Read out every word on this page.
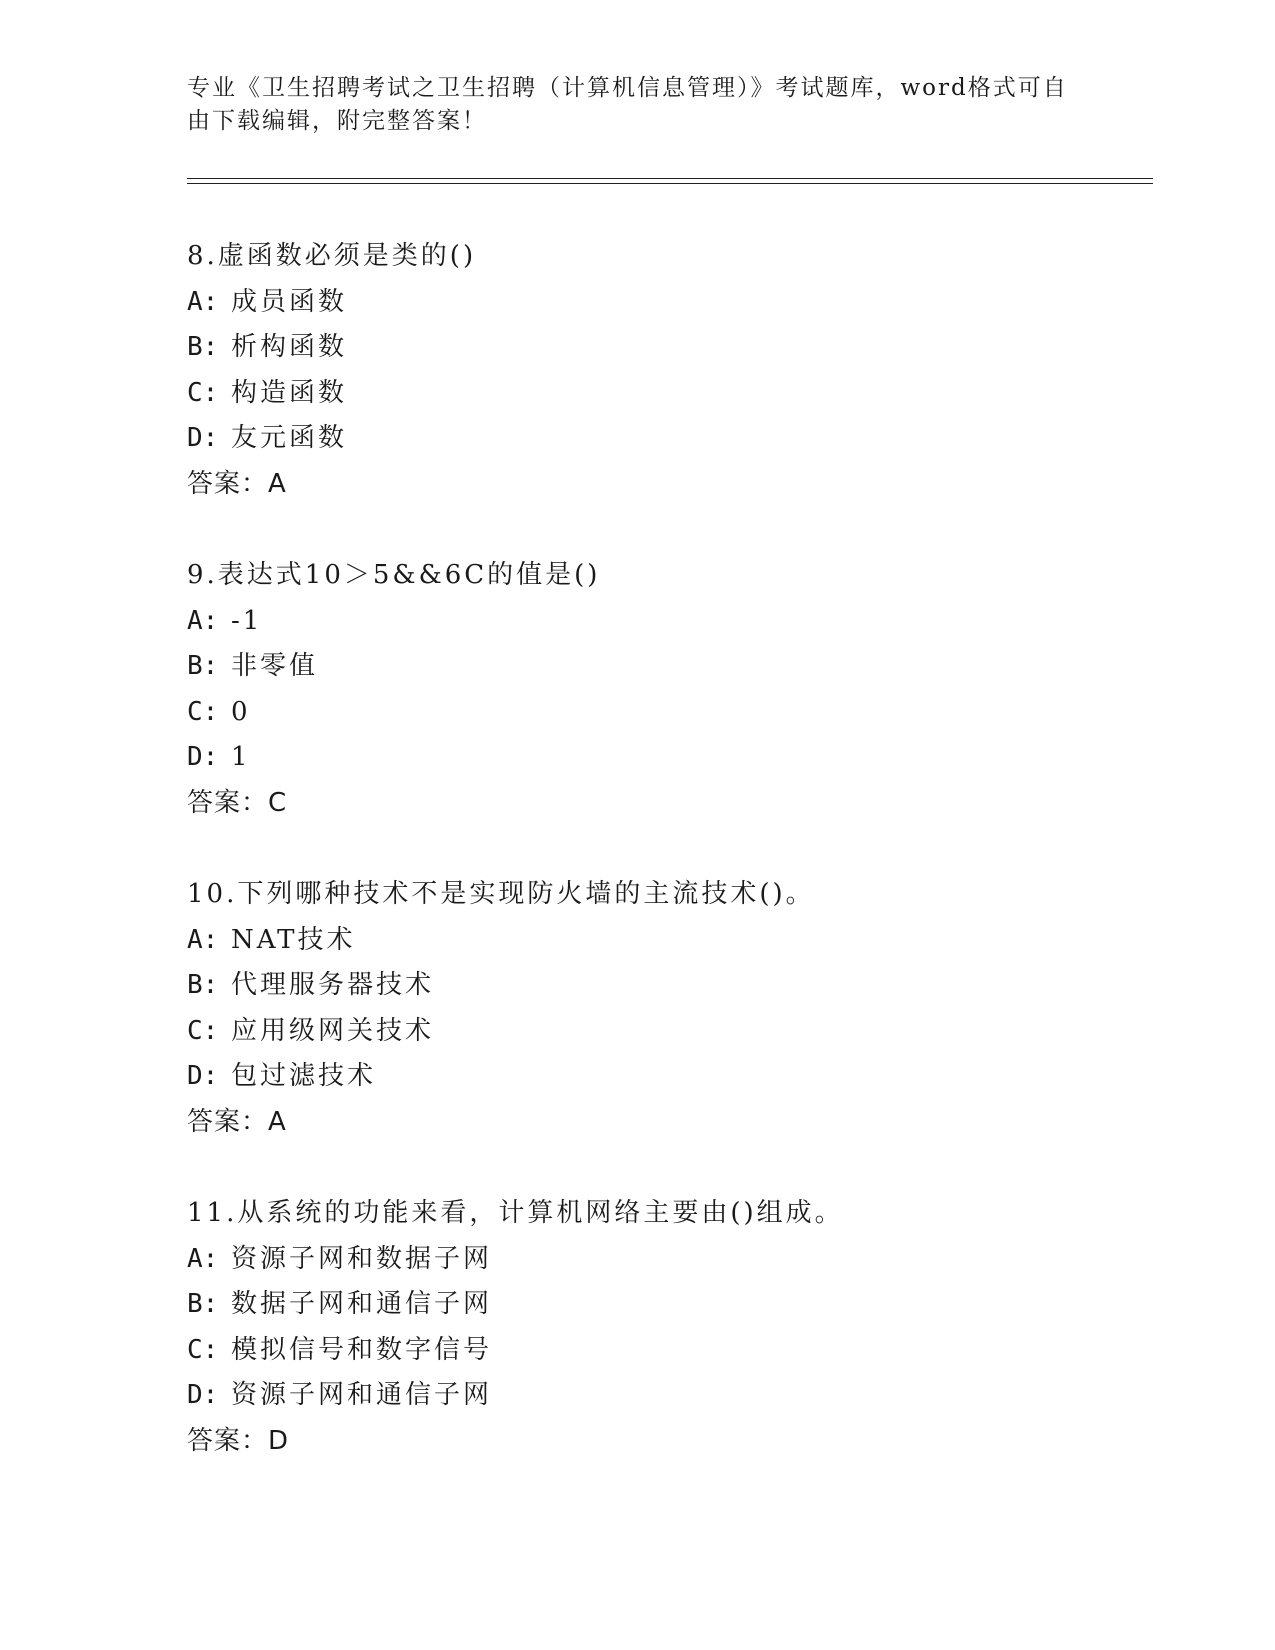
专业《卫生招聘考试之卫生招聘（计算机信息管理）》考试题库，word格式可自
由下载编辑，附完整答案！
8.虚函数必须是类的()
A: 成员函数
B: 析构函数
C: 构造函数
D: 友元函数
答案：A
9.表达式10＞5&&6C的值是()
A: -1
B: 非零值
C: 0
D: 1
答案：C
10.下列哪种技术不是实现防火墙的主流技术()。
A: NAT技术
B: 代理服务器技术
C: 应用级网关技术
D: 包过滤技术
答案：A
11.从系统的功能来看，计算机网络主要由()组成。
A: 资源子网和数据子网
B: 数据子网和通信子网
C: 模拟信号和数字信号
D: 资源子网和通信子网
答案：D
